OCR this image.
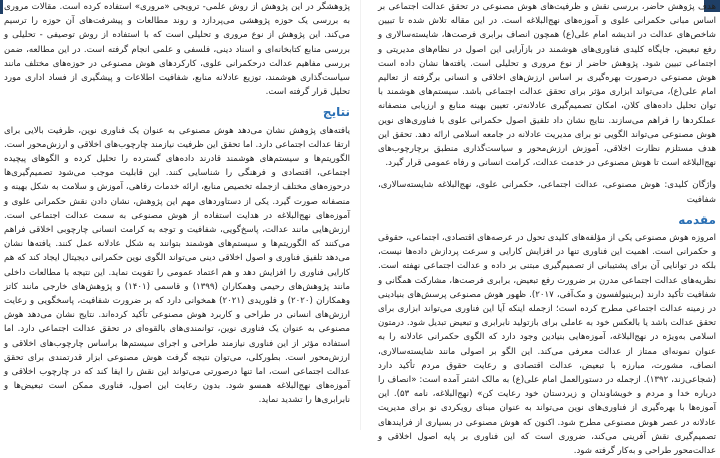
هدف پژوهش حاضر، بررسی نقش و ظرفیت‌های هوش مصنوعی در تحقق عدالت اجتماعی بر اساس مبانی حکمرانی علوی و آموزه‌های نهج‌البلاغه است. در این مقاله تلاش شده تا تبیین شاخص‌های عدالت در اندیشه امام علی(ع) همچون انصاف برابری فرصت‌ها، شایسته‌سالاری و رفع تبعیض، جایگاه کلیدی فناوری‌های هوشمند در بازآرایی این اصول در نظام‌های مدیریتی و اجتماعی تبیین شود. پژوهش حاضر از نوع مروری و تحلیلی است. یافته‌ها نشان داده است هوش مصنوعی درصورت بهره‌گیری بر اساس ارزش‌های اخلاقی و انسانی برگرفته از تعالیم امام علی(ع)، می‌تواند ابزاری مؤثر برای تحقق عدالت اجتماعی باشد. سیستم‌های هوشمند با توان تحلیل داده‌های کلان، امکان تصمیم‌گیری عادلانه‌تر، تعیین بهینه منابع و ارزیابی منصفانه عملکردها را فراهم می‌سازند. نتایج نشان داد تلفیق اصول حکمرانی علوی با فناوری‌های نوین هوش مصنوعی می‌تواند الگویی نو برای مدیریت عادلانه در جامعه اسلامی ارائه دهد. تحقق این هدف مستلزم نظارت اخلاقی، آموزش ارزش‌محور و سیاست‌گذاری منطبق برچارچوب‌های نهج‌البلاغه است تا هوش مصنوعی در خدمت عدالت، کرامت انسانی و رفاه عمومی قرار گیرد.

واژگان کلیدی: هوش مصنوعی، عدالت اجتماعی، حکمرانی علوی، نهج‌البلاغه شایسته‌سالاری، شفافیت

مقدمه

امروزه هوش مصنوعی یکی از مؤلفه‌های کلیدی تحول در عرصه‌های اقتصادی، اجتماعی، حقوقی و حکمرانی است. اهمیت این فناوری تنها در افزایش کارایی و سرعت پردازش داده‌ها نیست، بلکه در توانایی آن برای پشتیبانی از تصمیم‌گیری مبتنی بر داده و عدالت اجتماعی نهفته است. نظریه‌های عدالت اجتماعی مدرن بر ضرورت رفع تبعیض، برابری فرصت‌ها، مشارکت همگانی و شفافیت تأکید دارند (برینیولفسون و مک‌آفی، ۲۰۱۷). ظهور هوش مصنوعی پرسش‌های بنیادینی در زمینه عدالت اجتماعی مطرح کرده است؛ ازجمله اینکه آیا این فناوری می‌تواند ابزاری برای تحقق عدالت باشد یا بالعکس خود به عاملی برای بازتولید نابرابری و تبعیض تبدیل شود. درمتون اسلامی به‌ویژه در نهج‌البلاغه، آموزه‌هایی بنیادین وجود دارد که الگوی حکمرانی عادلانه را به عنوان نمونه‌ای ممتاز از عدالت معرفی می‌کند. این الگو بر اصولی مانند شایسته‌سالاری، انصاف، مشورت، مبارزه با تبعیض، عدالت اقتصادی و رعایت حقوق مردم تأکید دارد (شجاعی‌زند، ۱۳۹۲). ازجمله در دستورالعمل امام علی(ع) به مالک اشتر آمده است: «انصاف را درباره خدا و مردم و خویشاوندان و زیردستان خود رعایت کن» (نهج‌البلاغه، نامه ۵۳). این آموزه‌ها با بهره‌گیری از فناوری‌های نوین می‌تواند به عنوان مبنای رویکردی نو برای مدیریت عادلانه در عصر هوش مصنوعی مطرح شود. اکنون که هوش مصنوعی در بسیاری از فرایندهای تصمیم‌گیری نقش آفرینی می‌کند، ضروری است که این فناوری بر پایه اصول اخلاقی و عدالت‌محور طراحی و به‌کار گرفته شود.

پژوهشگر در این پژوهش از روش علمی- ترویجی «مروری» استفاده کرده است. مقالات مروری به بررسی یک حوزه پژوهشی می‌پردازد و روند مطالعات و پیشرفت‌های آن حوزه را ترسیم می‌کند. این پژوهش از نوع مروری و تحلیلی است که با استفاده از روش توصیفی - تحلیلی و بررسی منابع کتابخانه‌ای و اسناد دینی، فلسفی و علمی انجام گرفته است. در این مطالعه، ضمن بررسی مفاهیم عدالت درحکمرانی علوی، کارکردهای هوش مصنوعی در حوزه‌های مختلف مانند سیاست‌گذاری هوشمند، توزیع عادلانه منابع، شفافیت اطلاعات و پیشگیری از فساد اداری مورد تحلیل قرار گرفته است.

نتایج

یافته‌های پژوهش نشان می‌دهد هوش مصنوعی به عنوان یک فناوری نوین، ظرفیت بالایی برای ارتقا عدالت اجتماعی دارد. اما تحقق این ظرفیت نیازمند چارچوب‌های اخلاقی و ارزش‌محور است. الگوریتم‌ها و سیستم‌های هوشمند قادرند داده‌های گسترده را تحلیل کرده و الگوهای پیچیده اجتماعی، اقتصادی و فرهنگی را شناسایی کنند. این قابلیت موجب می‌شود تصمیم‌گیری‌ها درحوزه‌های مختلف ازجمله تخصیص منابع، ارائه خدمات رفاهی، آموزش و سلامت به شکل بهینه و منصفانه صورت گیرد. یکی از دستاوردهای مهم این پژوهش، نشان دادن نقش حکمرانی علوی و آموزه‌های نهج‌البلاغه در هدایت استفاده از هوش مصنوعی به سمت عدالت اجتماعی است. ارزش‌هایی مانند عدالت، پاسخ‌گویی، شفافیت و توجه به کرامت انسانی چارچوبی اخلاقی فراهم می‌کنند که الگوریتم‌ها و سیستم‌های هوشمند بتوانند به شکل عادلانه عمل کنند. یافته‌ها نشان می‌دهد تلفیق فناوری و اصول اخلاقی دینی می‌تواند الگوی نوین حکمرانی دیجیتال ایجاد کند که هم کارایی فناوری را افزایش دهد و هم اعتماد عمومی را تقویت نماید. این نتیجه با مطالعات داخلی مانند پژوهش‌های رحیمی وهمکاران (۱۳۹۹) و قاسمی (۱۴۰۱) و پژوهش‌های خارجی مانند کاتز وهمکاران (۲۰۲۰) و فلوریدی (۲۰۲۱) همخوانی دارد که بر ضرورت شفافیت، پاسخگویی و رعایت ارزش‌های انسانی در طراحی و کاربرد هوش مصنوعی تأکید کرده‌اند. نتایج نشان می‌دهد هوش مصنوعی به عنوان یک فناوری نوین، توانمندی‌های بالقوه‌ای در تحقق عدالت اجتماعی دارد. اما استفاده مؤثر از این فناوری نیازمند طراحی و اجرای سیستم‌ها براساس چارچوب‌های اخلاقی و ارزش‌محور است. بطورکلی، می‌توان نتیجه گرفت هوش مصنوعی ابزار قدرتمندی برای تحقق عدالت اجتماعی است، اما تنها درصورتی می‌تواند این نقش را ایفا کند که در چارچوب اخلاقی و آموزه‌های نهج‌البلاغه همسو شود. بدون رعایت این اصول، فناوری ممکن است تبعیض‌ها و نابرابری‌ها را تشدید نماید.
